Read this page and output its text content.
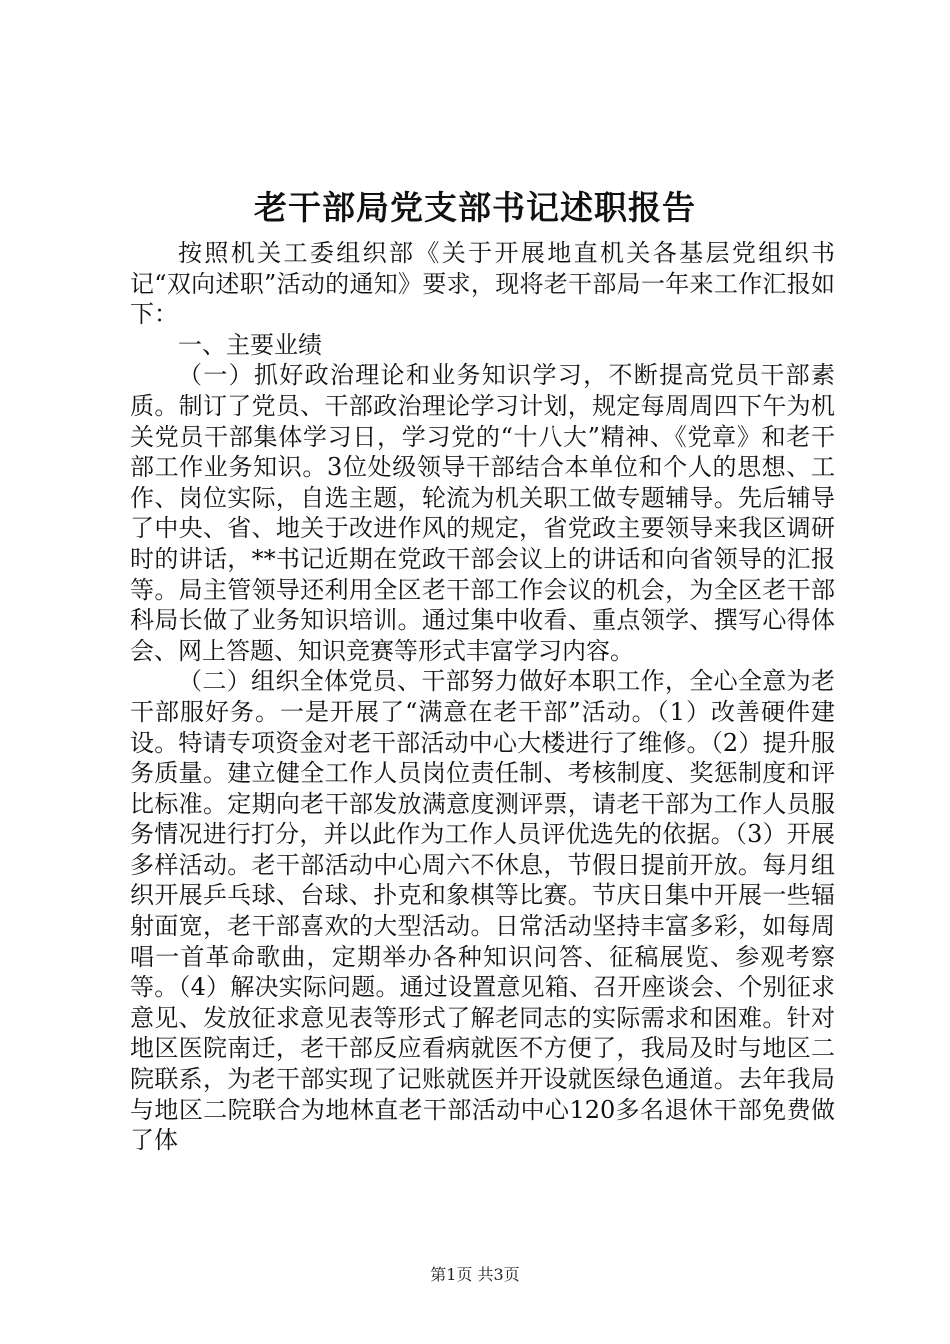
老干部局党支部书记述职报告

按照机关工委组织部《关于开展地直机关各基层党组织书记“双向述职”活动的通知》要求，现将老干部局一年来工作汇报如下：

一、主要业绩

（一）抓好政治理论和业务知识学习，不断提高党员干部素质。制订了党员、干部政治理论学习计划，规定每周周四下午为机关党员干部集体学习日，学习党的“十八大”精神、《党章》和老干部工作业务知识。3位处级领导干部结合本单位和个人的思想、工作、岗位实际，自选主题，轮流为机关职工做专题辅导。先后辅导了中央、省、地关于改进作风的规定，省党政主要领导来我区调研时的讲话，**书记近期在党政干部会议上的讲话和向省领导的汇报等。局主管领导还利用全区老干部工作会议的机会，为全区老干部科局长做了业务知识培训。通过集中收看、重点领学、撰写心得体会、网上答题、知识竞赛等形式丰富学习内容。

（二）组织全体党员、干部努力做好本职工作，全心全意为老干部服好务。一是开展了“满意在老干部”活动。（1）改善硬件建设。特请专项资金对老干部活动中心大楼进行了维修。（2）提升服务质量。建立健全工作人员岗位责任制、考核制度、奖惩制度和评比标准。定期向老干部发放满意度测评票，请老干部为工作人员服务情况进行打分，并以此作为工作人员评优选先的依据。（3）开展多样活动。老干部活动中心周六不休息，节假日提前开放。每月组织开展乒乓球、台球、扑克和象棋等比赛。节庆日集中开展一些辐射面宽，老干部喜欢的大型活动。日常活动坚持丰富多彩，如每周唱一首革命歌曲，定期举办各种知识问答、征稿展览、参观考察等。（4）解决实际问题。通过设置意见箱、召开座谈会、个别征求意见、发放征求意见表等形式了解老同志的实际需求和困难。针对地区医院南迁，老干部反应看病就医不方便了，我局及时与地区二院联系，为老干部实现了记账就医并开设就医绿色通道。去年我局与地区二院联合为地林直老干部活动中心120多名退休干部免费做了体

第1页 共3页
